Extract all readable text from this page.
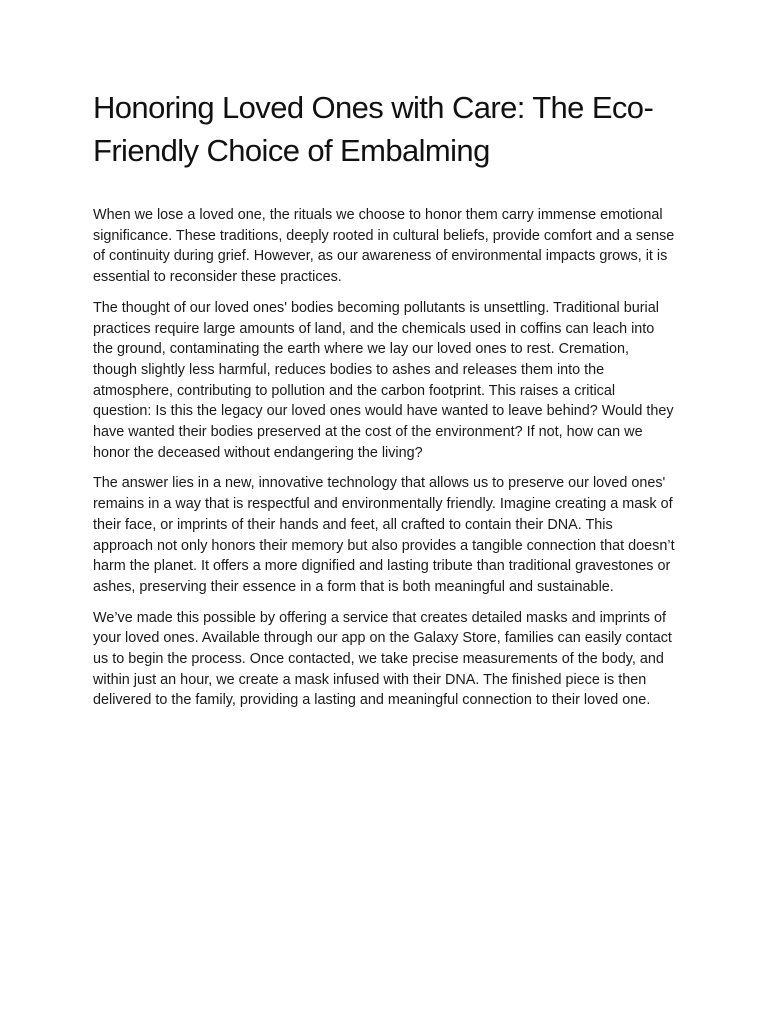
Honoring Loved Ones with Care: The Eco-Friendly Choice of Embalming

When we lose a loved one, the rituals we choose to honor them carry immense emotional significance. These traditions, deeply rooted in cultural beliefs, provide comfort and a sense of continuity during grief. However, as our awareness of environmental impacts grows, it is essential to reconsider these practices.

The thought of our loved ones' bodies becoming pollutants is unsettling. Traditional burial practices require large amounts of land, and the chemicals used in coffins can leach into the ground, contaminating the earth where we lay our loved ones to rest. Cremation, though slightly less harmful, reduces bodies to ashes and releases them into the atmosphere, contributing to pollution and the carbon footprint. This raises a critical question: Is this the legacy our loved ones would have wanted to leave behind? Would they have wanted their bodies preserved at the cost of the environment? If not, how can we honor the deceased without endangering the living?

The answer lies in a new, innovative technology that allows us to preserve our loved ones' remains in a way that is respectful and environmentally friendly. Imagine creating a mask of their face, or imprints of their hands and feet, all crafted to contain their DNA. This approach not only honors their memory but also provides a tangible connection that doesn’t harm the planet. It offers a more dignified and lasting tribute than traditional gravestones or ashes, preserving their essence in a form that is both meaningful and sustainable.

We’ve made this possible by offering a service that creates detailed masks and imprints of your loved ones. Available through our app on the Galaxy Store, families can easily contact us to begin the process. Once contacted, we take precise measurements of the body, and within just an hour, we create a mask infused with their DNA. The finished piece is then delivered to the family, providing a lasting and meaningful connection to their loved one.
